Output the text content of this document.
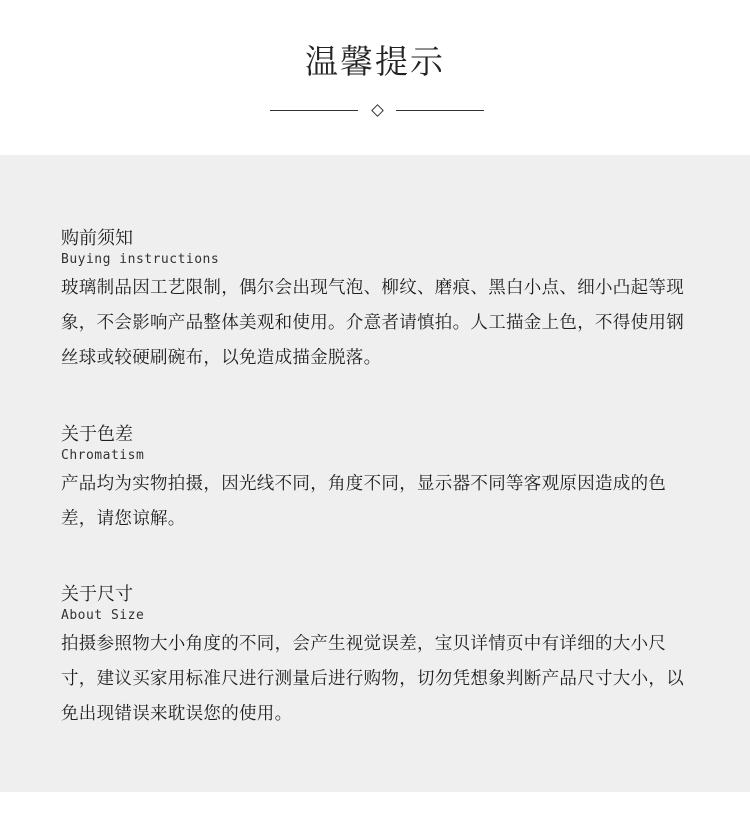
温馨提示
购前须知
Buying instructions
玻璃制品因工艺限制，偶尔会出现气泡、柳纹、磨痕、黑白小点、细小凸起等现象，不会影响产品整体美观和使用。介意者请慎拍。人工描金上色，不得使用钢丝球或较硬刷碗布，以免造成描金脱落。
关于色差
Chromatism
产品均为实物拍摄，因光线不同，角度不同，显示器不同等客观原因造成的色差，请您谅解。
关于尺寸
About Size
拍摄参照物大小角度的不同，会产生视觉误差，宝贝详情页中有详细的大小尺寸，建议买家用标准尺进行测量后进行购物，切勿凭想象判断产品尺寸大小，以免出现错误来耽误您的使用。
